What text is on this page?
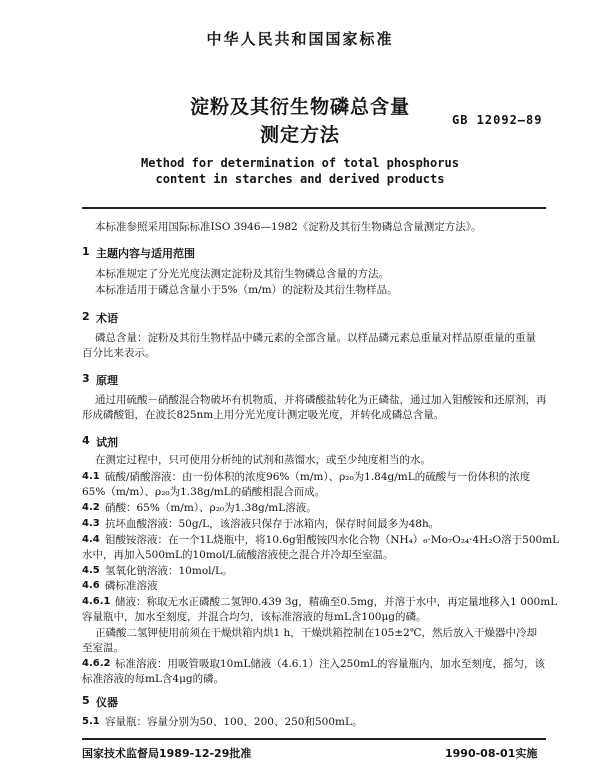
中华人民共和国国家标准
淀粉及其衍生物磷总含量
测定方法
GB 12092—89
Method for determination of total phosphorus
content in starches and derived products
本标准参照采用国际标准ISO 3946—1982《淀粉及其衍生物磷总含量测定方法》。
1 主题内容与适用范围
本标准规定了分光光度法测定淀粉及其衍生物磷总含量的方法。
本标准适用于磷总含量小于5%（m/m）的淀粉及其衍生物样品。
2 术语
磷总含量：淀粉及其衍生物样品中磷元素的全部含量。以样品磷元素总重量对样品原重量的重量
百分比来表示。
3 原理
通过用硫酸－硝酸混合物破坏有机物质，并将磷酸盐转化为正磷盐，通过加入钼酸铵和还原剂，再
形成磷酸钼，在波长825nm上用分光光度计测定吸光度，并转化成磷总含量。
4 试剂
在测定过程中，只可使用分析纯的试剂和蒸馏水，或至少纯度相当的水。
4.1 硫酸/硝酸溶液：由一份体积的浓度96%（m/m）、ρ₂₀为1.84g/mL的硫酸与一份体积的浓度
65%（m/m）、ρ₂₀为1.38g/mL的硝酸相混合而成。
4.2 硝酸：65%（m/m）、ρ₂₀为1.38g/mL溶液。
4.3 抗坏血酸溶液：50g/L，该溶液只保存于冰箱内，保存时间最多为48h。
4.4 钼酸铵溶液：在一个1L烧瓶中，将10.6g钼酸铵四水化合物（NH₄）₆·Mo₇O₂₄·4H₂O溶于500mL
水中，再加入500mL的10mol/L硫酸溶液使之混合并冷却至室温。
4.5 氢氧化钠溶液：10mol/L。
4.6 磷标准溶液
4.6.1 储液：称取无水正磷酸二氢钾0.439 3g，精确至0.5mg，并溶于水中，再定量地移入1 000mL
容量瓶中，加水至刻度，并混合均匀，该标准溶液的每mL含100μg的磷。
正磷酸二氢钾使用前须在干燥烘箱内烘1 h，干燥烘箱控制在105±2℃，然后放入干燥器中冷却
至室温。
4.6.2 标准溶液：用吸管吸取10mL储液（4.6.1）注入250mL的容量瓶内，加水至刻度，摇匀，该
标准溶液的每mL含4μg的磷。
5 仪器
5.1 容量瓶：容量分别为50、100、200、250和500mL。
国家技术监督局1989-12-29批准	1990-08-01实施
